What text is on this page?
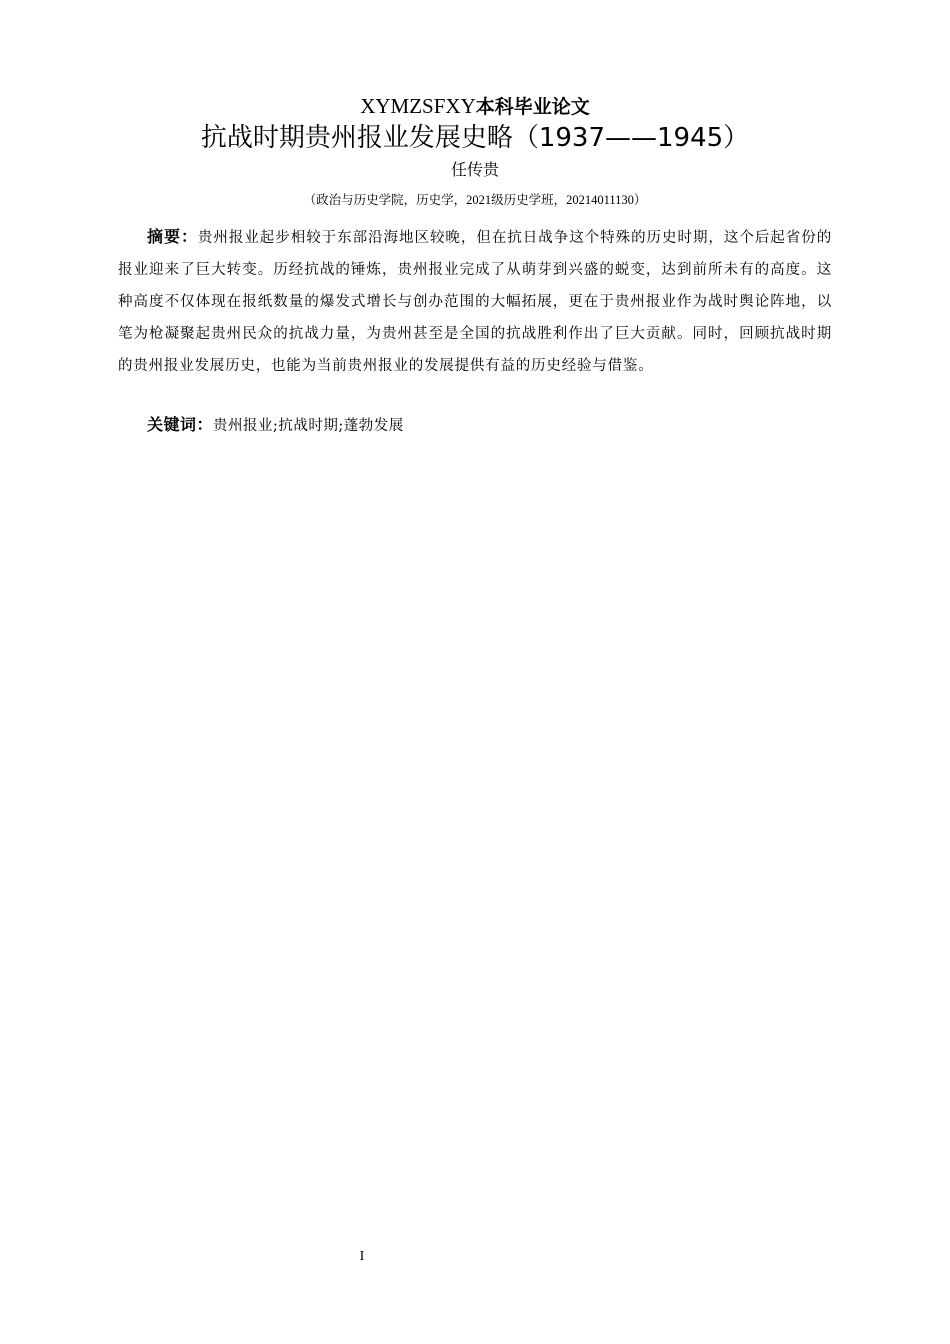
XYMZSFXY本科毕业论文
抗战时期贵州报业发展史略（1937——1945）
任传贵
（政治与历史学院，历史学，2021级历史学班，20214011130）

摘要：贵州报业起步相较于东部沿海地区较晚，但在抗日战争这个特殊的历史时期，这个后起省份的报业迎来了巨大转变。历经抗战的锤炼，贵州报业完成了从萌芽到兴盛的蜕变，达到前所未有的高度。这种高度不仅体现在报纸数量的爆发式增长与创办范围的大幅拓展，更在于贵州报业作为战时舆论阵地，以笔为枪凝聚起贵州民众的抗战力量，为贵州甚至是全国的抗战胜利作出了巨大贡献。同时，回顾抗战时期的贵州报业发展历史，也能为当前贵州报业的发展提供有益的历史经验与借鉴。

关键词：贵州报业;抗战时期;蓬勃发展

I
